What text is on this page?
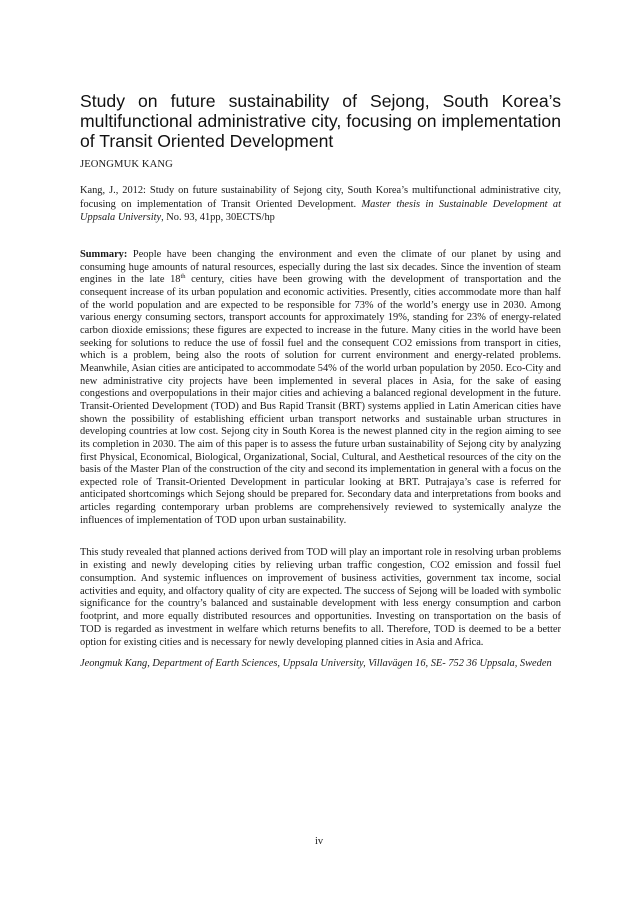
Study on future sustainability of Sejong, South Korea’s multifunctional administrative city, focusing on implementation of Transit Oriented Development
JEONGMUK KANG
Kang, J., 2012: Study on future sustainability of Sejong city, South Korea’s multifunctional administrative city, focusing on implementation of Transit Oriented Development. Master thesis in Sustainable Development at Uppsala University, No. 93, 41pp, 30ECTS/hp
Summary: People have been changing the environment and even the climate of our planet by using and consuming huge amounts of natural resources, especially during the last six decades. Since the invention of steam engines in the late 18th century, cities have been growing with the development of transportation and the consequent increase of its urban population and economic activities. Presently, cities accommodate more than half of the world population and are expected to be responsible for 73% of the world’s energy use in 2030. Among various energy consuming sectors, transport accounts for approximately 19%, standing for 23% of energy-related carbon dioxide emissions; these figures are expected to increase in the future. Many cities in the world have been seeking for solutions to reduce the use of fossil fuel and the consequent CO2 emissions from transport in cities, which is a problem, being also the roots of solution for current environment and energy-related problems. Meanwhile, Asian cities are anticipated to accommodate 54% of the world urban population by 2050. Eco-City and new administrative city projects have been implemented in several places in Asia, for the sake of easing congestions and overpopulations in their major cities and achieving a balanced regional development in the future. Transit-Oriented Development (TOD) and Bus Rapid Transit (BRT) systems applied in Latin American cities have shown the possibility of establishing efficient urban transport networks and sustainable urban structures in developing countries at low cost. Sejong city in South Korea is the newest planned city in the region aiming to see its completion in 2030. The aim of this paper is to assess the future urban sustainability of Sejong city by analyzing first Physical, Economical, Biological, Organizational, Social, Cultural, and Aesthetical resources of the city on the basis of the Master Plan of the construction of the city and second its implementation in general with a focus on the expected role of Transit-Oriented Development in particular looking at BRT. Putrajaya’s case is referred for anticipated shortcomings which Sejong should be prepared for. Secondary data and interpretations from books and articles regarding contemporary urban problems are comprehensively reviewed to systemically analyze the influences of implementation of TOD upon urban sustainability.
This study revealed that planned actions derived from TOD will play an important role in resolving urban problems in existing and newly developing cities by relieving urban traffic congestion, CO2 emission and fossil fuel consumption. And systemic influences on improvement of business activities, government tax income, social activities and equity, and olfactory quality of city are expected. The success of Sejong will be loaded with symbolic significance for the country’s balanced and sustainable development with less energy consumption and carbon footprint, and more equally distributed resources and opportunities. Investing on transportation on the basis of TOD is regarded as investment in welfare which returns benefits to all. Therefore, TOD is deemed to be a better option for existing cities and is necessary for newly developing planned cities in Asia and Africa.
Jeongmuk Kang, Department of Earth Sciences, Uppsala University, Villavägen 16, SE- 752 36 Uppsala, Sweden
iv
